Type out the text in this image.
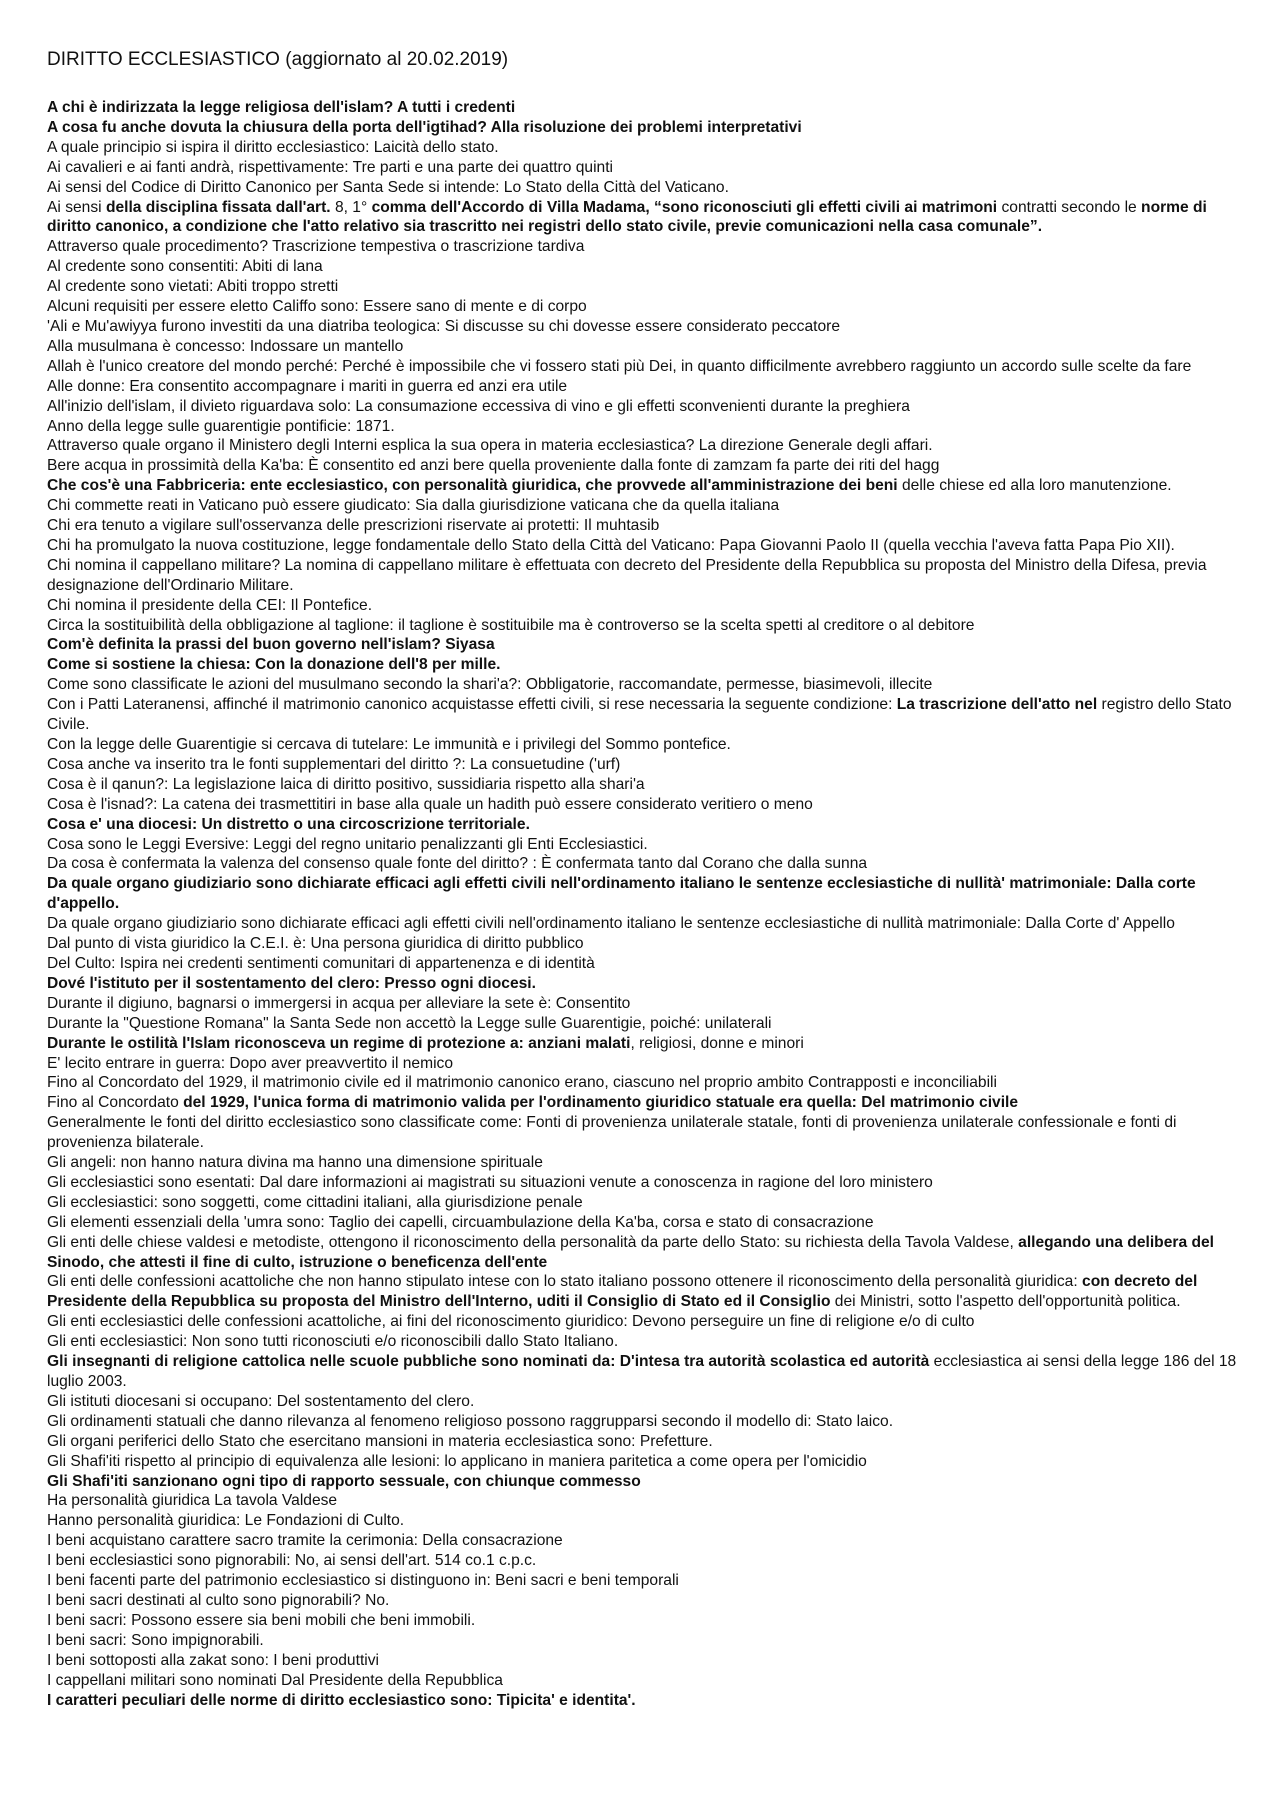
DIRITTO ECCLESIASTICO (aggiornato al 20.02.2019)

A chi è indirizzata la legge religiosa dell'islam? A tutti i credenti

A cosa fu anche dovuta la chiusura della porta dell'igtihad? Alla risoluzione dei problemi interpretativi

A quale principio si ispira il diritto ecclesiastico: Laicità dello stato.

Ai cavalieri e ai fanti andrà, rispettivamente: Tre parti e una parte dei quattro quinti

Ai sensi del Codice di Diritto Canonico per Santa Sede si intende: Lo Stato della Città del Vaticano.

Ai sensi della disciplina fissata dall'art. 8, 1° comma dell'Accordo di Villa Madama, “sono riconosciuti gli effetti civili ai matrimoni contratti secondo le norme di diritto canonico, a condizione che l'atto relativo sia trascritto nei registri dello stato civile, previe comunicazioni nella casa comunale”.

Attraverso quale procedimento? Trascrizione tempestiva o trascrizione tardiva

Al credente sono consentiti: Abiti di lana

Al credente sono vietati: Abiti troppo stretti

Alcuni requisiti per essere eletto Califfo sono: Essere sano di mente e di corpo

'Ali e Mu'awiyya furono investiti da una diatriba teologica: Si discusse su chi dovesse essere considerato peccatore

Alla musulmana è concesso: Indossare un mantello

Allah è l'unico creatore del mondo perché: Perché è impossibile che vi fossero stati più Dei, in quanto difficilmente avrebbero raggiunto un accordo sulle scelte da fare

Alle donne: Era consentito accompagnare i mariti in guerra ed anzi era utile

All'inizio dell'islam, il divieto riguardava solo: La consumazione eccessiva di vino e gli effetti sconvenienti durante la preghiera

Anno della legge sulle guarentigie pontificie: 1871.

Attraverso quale organo il Ministero degli Interni esplica la sua opera in materia ecclesiastica? La direzione Generale degli affari.

Bere acqua in prossimità della Ka'ba: È consentito ed anzi bere quella proveniente dalla fonte di zamzam fa parte dei riti del hagg

Che cos'è una Fabbriceria: ente ecclesiastico, con personalità giuridica, che provvede all'amministrazione dei beni delle chiese ed alla loro manutenzione.

Chi commette reati in Vaticano può essere giudicato: Sia dalla giurisdizione vaticana che da quella italiana

Chi era tenuto a vigilare sull'osservanza delle prescrizioni riservate ai protetti: Il muhtasib

Chi ha promulgato la nuova costituzione, legge fondamentale dello Stato della Città del Vaticano: Papa Giovanni Paolo II (quella vecchia l'aveva fatta Papa Pio XII).

Chi nomina il cappellano militare? La nomina di cappellano militare è effettuata con decreto del Presidente della Repubblica su proposta del Ministro della Difesa, previa designazione dell'Ordinario Militare.

Chi nomina il presidente della CEI: Il Pontefice.

Circa la sostituibilità della obbligazione al taglione: il taglione è sostituibile ma è controverso se la scelta spetti al creditore o al debitore

Com'è definita la prassi del buon governo nell'islam? Siyasa

Come si sostiene la chiesa: Con la donazione dell'8 per mille.

Come sono classificate le azioni del musulmano secondo la shari'a?: Obbligatorie, raccomandate, permesse, biasimevoli, illecite

Con i Patti Lateranensi, affinché il matrimonio canonico acquistasse effetti civili, si rese necessaria la seguente condizione: La trascrizione dell'atto nel registro dello Stato Civile.

Con la legge delle Guarentigie si cercava di tutelare: Le immunità e i privilegi del Sommo pontefice.

Cosa anche va inserito tra le fonti supplementari del diritto ?: La consuetudine ('urf)

Cosa è il qanun?: La legislazione laica di diritto positivo, sussidiaria rispetto alla shari'a

Cosa è l'isnad?: La catena dei trasmettitiri in base alla quale un hadith può essere considerato veritiero o meno

Cosa e' una diocesi: Un distretto o una circoscrizione territoriale.

Cosa sono le Leggi Eversive: Leggi del regno unitario penalizzanti gli Enti Ecclesiastici.

Da cosa è confermata la valenza del consenso quale fonte del diritto? : È confermata tanto dal Corano che dalla sunna

Da quale organo giudiziario sono dichiarate efficaci agli effetti civili nell'ordinamento italiano le sentenze ecclesiastiche di nullità' matrimoniale: Dalla corte d'appello.

Da quale organo giudiziario sono dichiarate efficaci agli effetti civili nell'ordinamento italiano le sentenze ecclesiastiche di nullità matrimoniale: Dalla Corte d' Appello

Dal punto di vista giuridico la C.E.I. è: Una persona giuridica di diritto pubblico

Del Culto: Ispira nei credenti sentimenti comunitari di appartenenza e di identità

Dové l'istituto per il sostentamento del clero: Presso ogni diocesi.

Durante il digiuno, bagnarsi o immergersi in acqua per alleviare la sete è: Consentito

Durante la "Questione Romana" la Santa Sede non accettò la Legge sulle Guarentigie, poiché: unilaterali

Durante le ostilità l'Islam riconosceva un regime di protezione a: anziani malati, religiosi, donne e minori

E' lecito entrare in guerra: Dopo aver preavvertito il nemico

Fino al Concordato del 1929, il matrimonio civile ed il matrimonio canonico erano, ciascuno nel proprio ambito Contrapposti e inconciliabili

Fino al Concordato del 1929, l'unica forma di matrimonio valida per l'ordinamento giuridico statuale era quella: Del matrimonio civile

Generalmente le fonti del diritto ecclesiastico sono classificate come: Fonti di provenienza unilaterale statale, fonti di provenienza unilaterale confessionale e fonti di provenienza bilaterale.

Gli angeli: non hanno natura divina ma hanno una dimensione spirituale

Gli ecclesiastici sono esentati: Dal dare informazioni ai magistrati su situazioni venute a conoscenza in ragione del loro ministero

Gli ecclesiastici: sono soggetti, come cittadini italiani, alla giurisdizione penale

Gli elementi essenziali della 'umra sono: Taglio dei capelli, circuambulazione della Ka'ba, corsa e stato di consacrazione

Gli enti delle chiese valdesi e metodiste, ottengono il riconoscimento della personalità da parte dello Stato: su richiesta della Tavola Valdese, allegando una delibera del Sinodo, che attesti il fine di culto, istruzione o beneficenza dell'ente

Gli enti delle confessioni acattoliche che non hanno stipulato intese con lo stato italiano possono ottenere il riconoscimento della personalità giuridica: con decreto del Presidente della Repubblica su proposta del Ministro dell'Interno, uditi il Consiglio di Stato ed il Consiglio dei Ministri, sotto l'aspetto dell'opportunità politica.

Gli enti ecclesiastici delle confessioni acattoliche, ai fini del riconoscimento giuridico: Devono perseguire un fine di religione e/o di culto

Gli enti ecclesiastici: Non sono tutti riconosciuti e/o riconoscibili dallo Stato Italiano.

Gli insegnanti di religione cattolica nelle scuole pubbliche sono nominati da: D'intesa tra autorità scolastica ed autorità ecclesiastica ai sensi della legge 186 del 18 luglio 2003.

Gli istituti diocesani si occupano: Del sostentamento del clero.

Gli ordinamenti statuali che danno rilevanza al fenomeno religioso possono raggrupparsi secondo il modello di: Stato laico.

Gli organi periferici dello Stato che esercitano mansioni in materia ecclesiastica sono: Prefetture.

Gli Shafi'iti rispetto al principio di equivalenza alle lesioni: lo applicano in maniera paritetica a come opera per l'omicidio

Gli Shafi'iti sanzionano ogni tipo di rapporto sessuale, con chiunque commesso

Ha personalità giuridica La tavola Valdese

Hanno personalità giuridica: Le Fondazioni di Culto.

I beni acquistano carattere sacro tramite la cerimonia: Della consacrazione

I beni ecclesiastici sono pignorabili: No, ai sensi dell'art. 514 co.1 c.p.c.

I beni facenti parte del patrimonio ecclesiastico si distinguono in: Beni sacri e beni temporali

I beni sacri destinati al culto sono pignorabili? No.

I beni sacri: Possono essere sia beni mobili che beni immobili.

I beni sacri: Sono impignorabili.

I beni sottoposti alla zakat sono: I beni produttivi

I cappellani militari sono nominati Dal Presidente della Repubblica

I caratteri peculiari delle norme di diritto ecclesiastico sono: Tipicita' e identita'.
